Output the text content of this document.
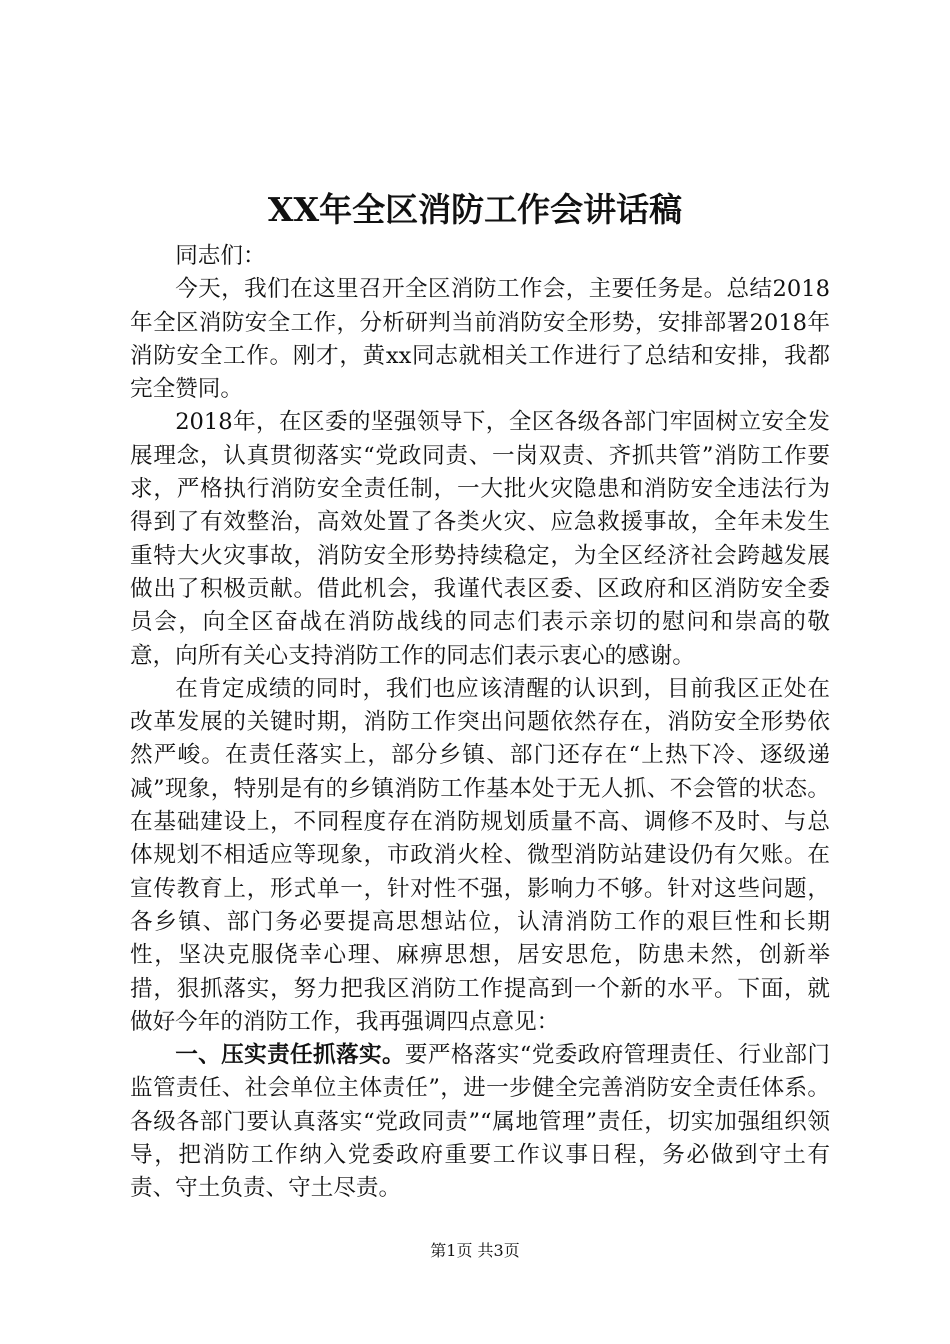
XX年全区消防工作会讲话稿

同志们：

今天，我们在这里召开全区消防工作会，主要任务是。总结2018年全区消防安全工作，分析研判当前消防安全形势，安排部署2018年消防安全工作。刚才，黄xx同志就相关工作进行了总结和安排，我都完全赞同。

2018年，在区委的坚强领导下，全区各级各部门牢固树立安全发展理念，认真贯彻落实“党政同责、一岗双责、齐抓共管”消防工作要求，严格执行消防安全责任制，一大批火灾隐患和消防安全违法行为得到了有效整治，高效处置了各类火灾、应急救援事故，全年未发生重特大火灾事故，消防安全形势持续稳定，为全区经济社会跨越发展做出了积极贡献。借此机会，我谨代表区委、区政府和区消防安全委员会，向全区奋战在消防战线的同志们表示亲切的慰问和崇高的敬意，向所有关心支持消防工作的同志们表示衷心的感谢。

在肯定成绩的同时，我们也应该清醒的认识到，目前我区正处在改革发展的关键时期，消防工作突出问题依然存在，消防安全形势依然严峻。在责任落实上，部分乡镇、部门还存在“上热下冷、逐级递减”现象，特别是有的乡镇消防工作基本处于无人抓、不会管的状态。在基础建设上，不同程度存在消防规划质量不高、调修不及时、与总体规划不相适应等现象，市政消火栓、微型消防站建设仍有欠账。在宣传教育上，形式单一，针对性不强，影响力不够。针对这些问题，各乡镇、部门务必要提高思想站位，认清消防工作的艰巨性和长期性，坚决克服侥幸心理、麻痹思想，居安思危，防患未然，创新举措，狠抓落实，努力把我区消防工作提高到一个新的水平。下面，就做好今年的消防工作，我再强调四点意见：

一、压实责任抓落实。要严格落实“党委政府管理责任、行业部门监管责任、社会单位主体责任”，进一步健全完善消防安全责任体系。各级各部门要认真落实“党政同责”“属地管理”责任，切实加强组织领导，把消防工作纳入党委政府重要工作议事日程，务必做到守土有责、守土负责、守土尽责。

第1页 共3页
